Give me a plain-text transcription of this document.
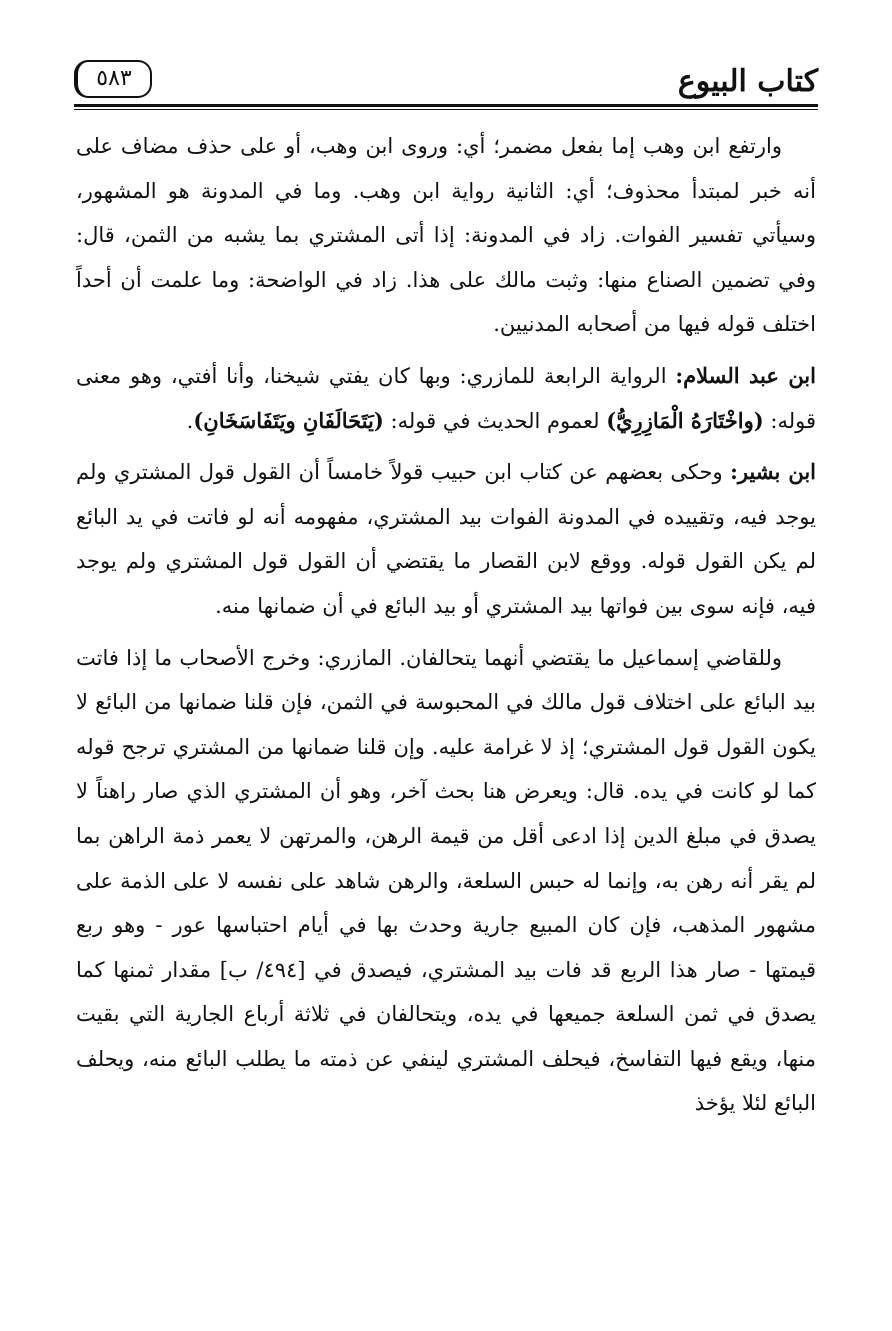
كتاب البيوع
٥٨٣

وارتفع ابن وهب إما بفعل مضمر؛ أي: وروى ابن وهب، أو على حذف مضاف على أنه خبر لمبتدأ محذوف؛ أي: الثانية رواية ابن وهب. وما في المدونة هو المشهور، وسيأتي تفسير الفوات. زاد في المدونة: إذا أتى المشتري بما يشبه من الثمن، قال: وفي تضمين الصناع منها: وثبت مالك على هذا. زاد في الواضحة: وما علمت أن أحداً اختلف قوله فيها من أصحابه المدنيين.

ابن عبد السلام: الرواية الرابعة للمازري: وبها كان يفتي شيخنا، وأنا أفتي، وهو معنى قوله: (واخْتَارَهُ الْمَازِرِيُّ) لعموم الحديث في قوله: (يَتَحَالَفَانِ ويَتَفَاسَخَانِ).

ابن بشير: وحكى بعضهم عن كتاب ابن حبيب قولاً خامساً أن القول قول المشتري ولم يوجد فيه، وتقييده في المدونة الفوات بيد المشتري، مفهومه أنه لو فاتت في يد البائع لم يكن القول قوله. ووقع لابن القصار ما يقتضي أن القول قول المشتري ولم يوجد فيه، فإنه سوى بين فواتها بيد المشتري أو بيد البائع في أن ضمانها منه.

وللقاضي إسماعيل ما يقتضي أنهما يتحالفان. المازري: وخرج الأصحاب ما إذا فاتت بيد البائع على اختلاف قول مالك في المحبوسة في الثمن، فإن قلنا ضمانها من البائع لا يكون القول قول المشتري؛ إذ لا غرامة عليه. وإن قلنا ضمانها من المشتري ترجح قوله كما لو كانت في يده. قال: ويعرض هنا بحث آخر، وهو أن المشتري الذي صار راهناً لا يصدق في مبلغ الدين إذا ادعى أقل من قيمة الرهن، والمرتهن لا يعمر ذمة الراهن بما لم يقر أنه رهن به، وإنما له حبس السلعة، والرهن شاهد على نفسه لا على الذمة على مشهور المذهب، فإن كان المبيع جارية وحدث بها في أيام احتباسها عور - وهو ربع قيمتها - صار هذا الربع قد فات بيد المشتري، فيصدق في [٤٩٤/ ب] مقدار ثمنها كما يصدق في ثمن السلعة جميعها في يده، ويتحالفان في ثلاثة أرباع الجارية التي بقيت منها، ويقع فيها التفاسخ، فيحلف المشتري لينفي عن ذمته ما يطلب البائع منه، ويحلف البائع لئلا يؤخذ
